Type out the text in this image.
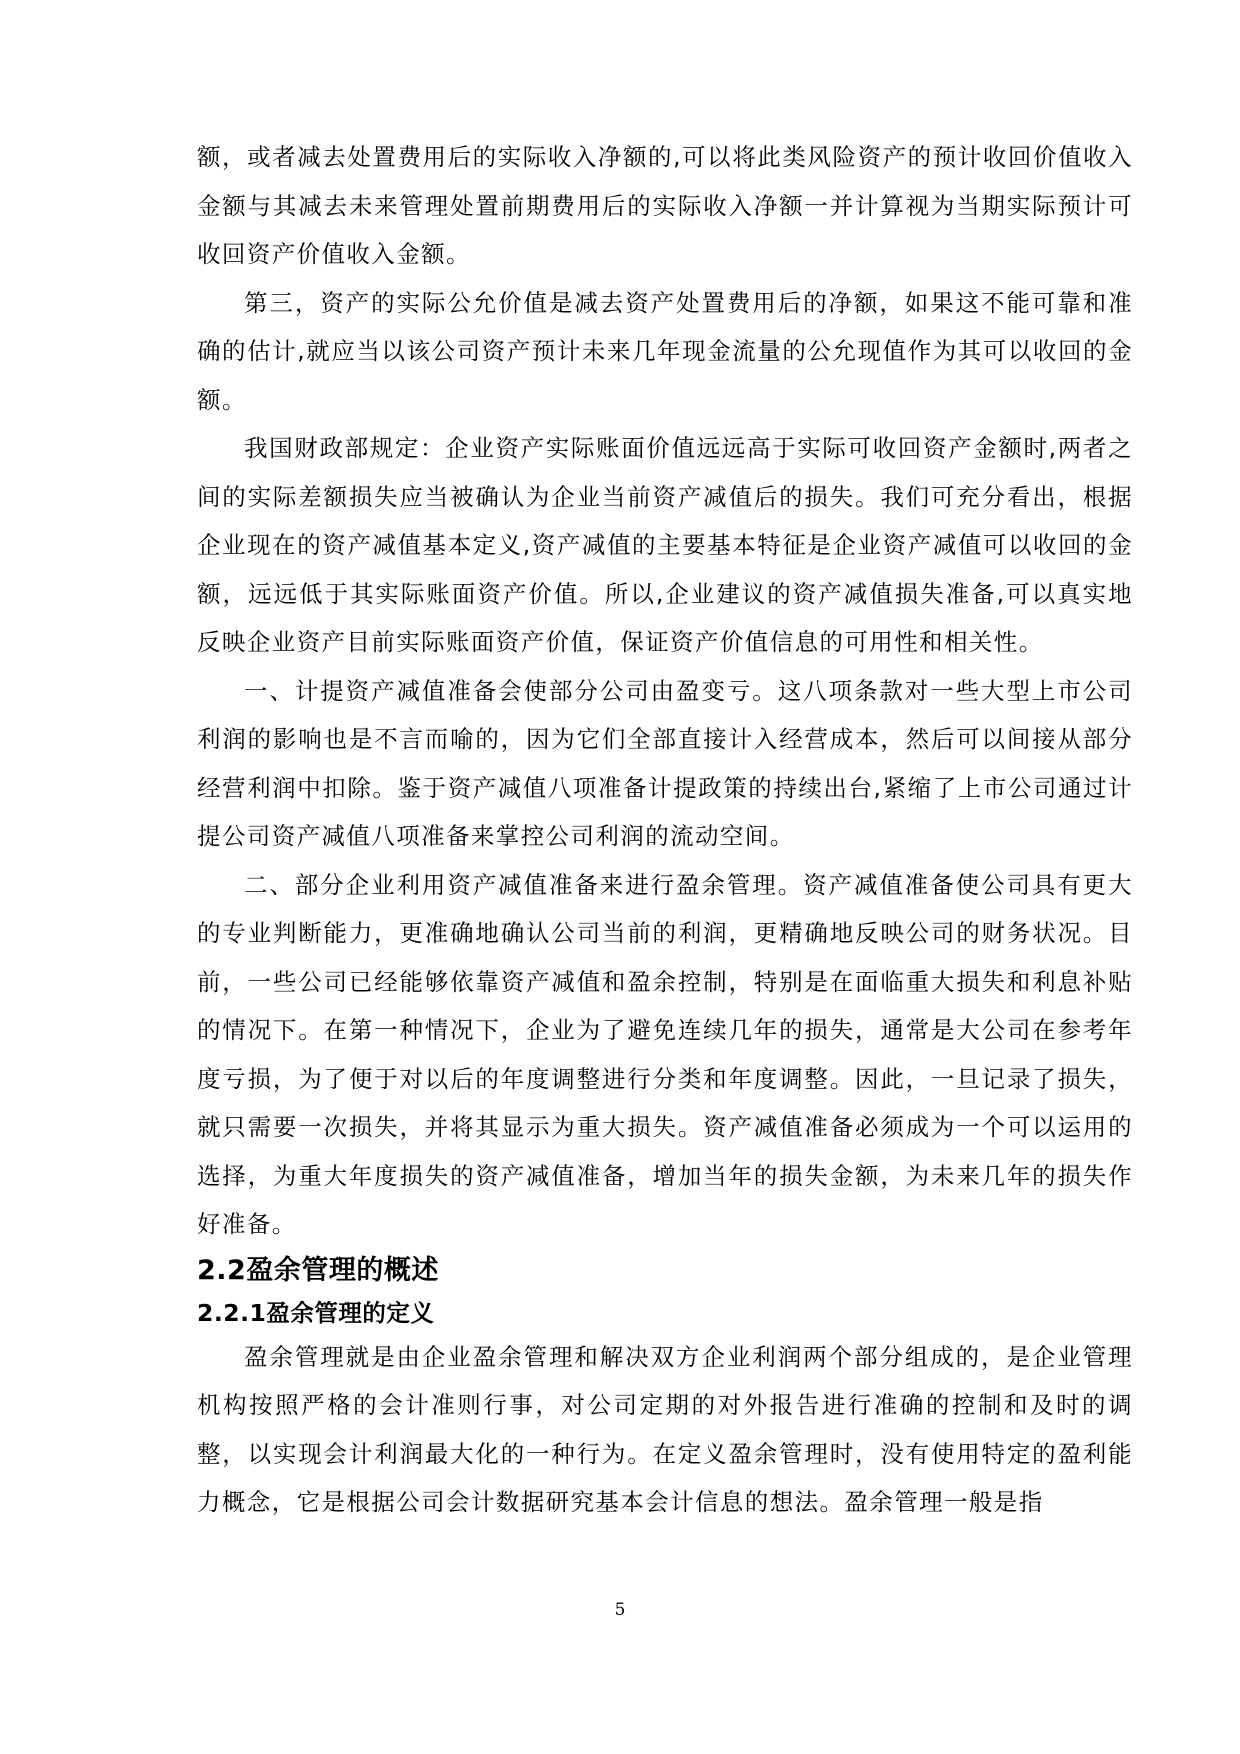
额，或者减去处置费用后的实际收入净额的,可以将此类风险资产的预计收回价值收入金额与其减去未来管理处置前期费用后的实际收入净额一并计算视为当期实际预计可收回资产价值收入金额。

第三，资产的实际公允价值是减去资产处置费用后的净额，如果这不能可靠和准确的估计,就应当以该公司资产预计未来几年现金流量的公允现值作为其可以收回的金额。

我国财政部规定：企业资产实际账面价值远远高于实际可收回资产金额时,两者之间的实际差额损失应当被确认为企业当前资产减值后的损失。我们可充分看出，根据企业现在的资产减值基本定义,资产减值的主要基本特征是企业资产减值可以收回的金额，远远低于其实际账面资产价值。所以,企业建议的资产减值损失准备,可以真实地反映企业资产目前实际账面资产价值，保证资产价值信息的可用性和相关性。

一、计提资产减值准备会使部分公司由盈变亏。这八项条款对一些大型上市公司利润的影响也是不言而喻的，因为它们全部直接计入经营成本，然后可以间接从部分经营利润中扣除。鉴于资产减值八项准备计提政策的持续出台,紧缩了上市公司通过计提公司资产减值八项准备来掌控公司利润的流动空间。

二、部分企业利用资产减值准备来进行盈余管理。资产减值准备使公司具有更大的专业判断能力，更准确地确认公司当前的利润，更精确地反映公司的财务状况。目前，一些公司已经能够依靠资产减值和盈余控制，特别是在面临重大损失和利息补贴的情况下。在第一种情况下，企业为了避免连续几年的损失，通常是大公司在参考年度亏损，为了便于对以后的年度调整进行分类和年度调整。因此，一旦记录了损失，就只需要一次损失，并将其显示为重大损失。资产减值准备必须成为一个可以运用的选择，为重大年度损失的资产减值准备，增加当年的损失金额，为未来几年的损失作好准备。

2.2盈余管理的概述
2.2.1盈余管理的定义

盈余管理就是由企业盈余管理和解决双方企业利润两个部分组成的，是企业管理机构按照严格的会计准则行事，对公司定期的对外报告进行准确的控制和及时的调整，以实现会计利润最大化的一种行为。在定义盈余管理时，没有使用特定的盈利能力概念，它是根据公司会计数据研究基本会计信息的想法。盈余管理一般是指

5
